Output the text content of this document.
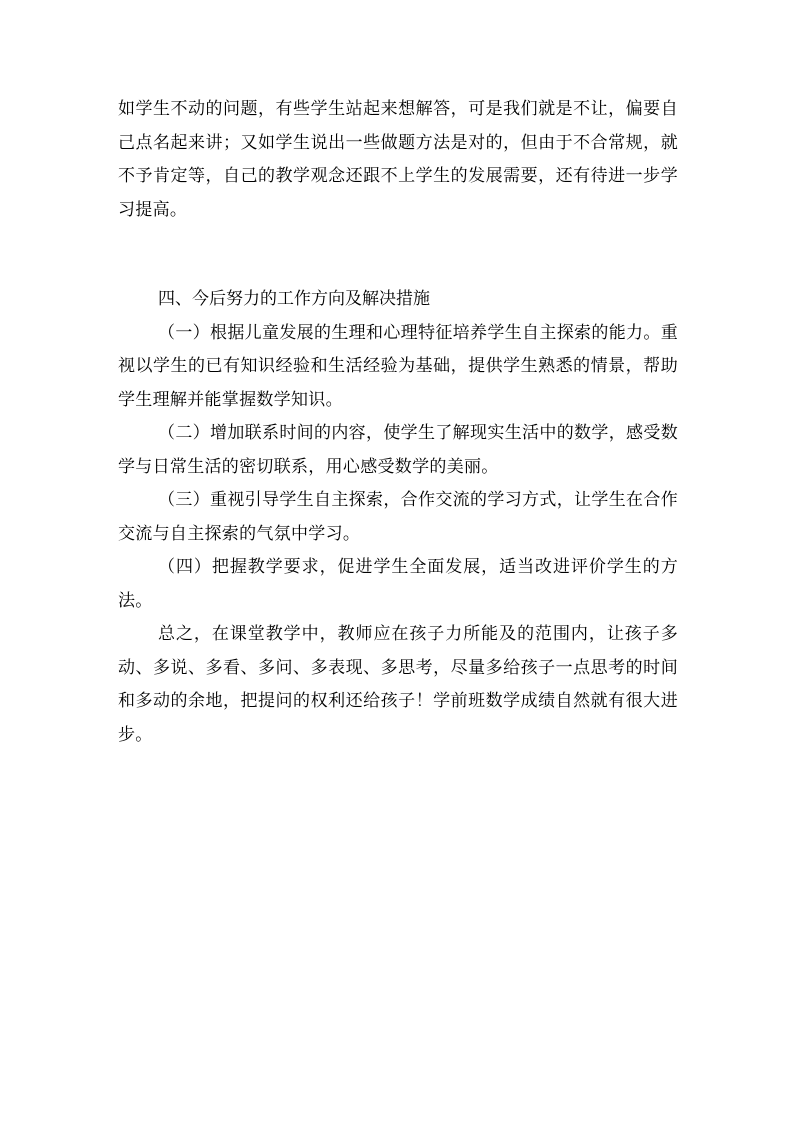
如学生不动的问题，有些学生站起来想解答，可是我们就是不让，偏要自己点名起来讲；又如学生说出一些做题方法是对的，但由于不合常规，就不予肯定等，自己的教学观念还跟不上学生的发展需要，还有待进一步学习提高。

四、今后努力的工作方向及解决措施

（一）根据儿童发展的生理和心理特征培养学生自主探索的能力。重视以学生的已有知识经验和生活经验为基础，提供学生熟悉的情景，帮助学生理解并能掌握数学知识。

（二）增加联系时间的内容，使学生了解现实生活中的数学，感受数学与日常生活的密切联系，用心感受数学的美丽。

（三）重视引导学生自主探索，合作交流的学习方式，让学生在合作交流与自主探索的气氛中学习。

（四）把握教学要求，促进学生全面发展，适当改进评价学生的方法。

总之，在课堂教学中，教师应在孩子力所能及的范围内，让孩子多动、多说、多看、多问、多表现、多思考，尽量多给孩子一点思考的时间和多动的余地，把提问的权利还给孩子！学前班数学成绩自然就有很大进步。
